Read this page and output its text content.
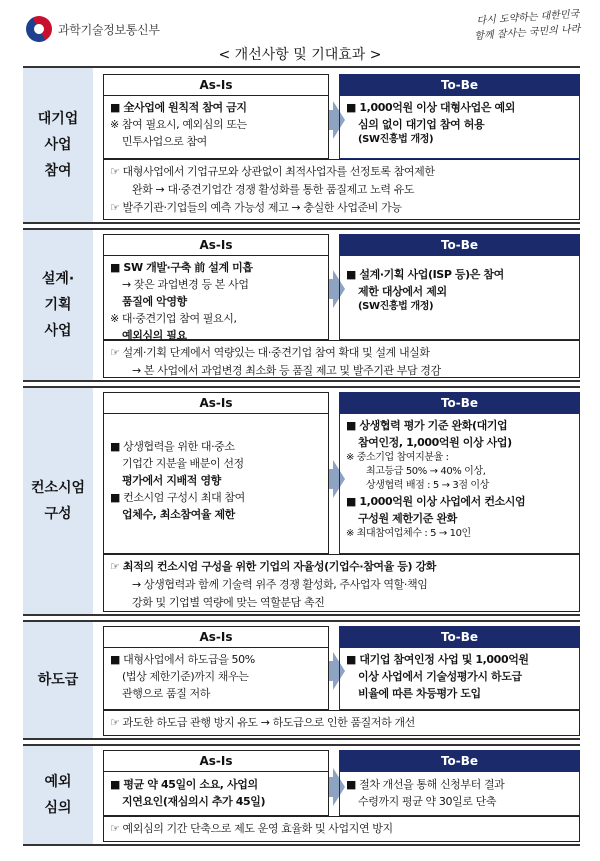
과학기술정보통신부
다시 도약하는 대한민국
함께 잘사는 국민의 나라
< 개선사항 및 기대효과 >
대기업
사업
참여
As-Is

■ 全사업에 원칙적 참여 금지

※ 참여 필요시, 예외심의 또는

민투사업으로 참여

To-Be

■ 1,000억원 이상 대형사업은 예외

심의 없이 대기업 참여 허용

(SW진흥법 개정)

☞ 대형사업에서 기업규모와 상관없이 최적사업자를 선정토록 참여제한
완화 → 대·중견기업간 경쟁 활성화를 통한 품질제고 노력 유도
☞ 발주기관·기업들의 예측 가능성 제고 → 충실한 사업준비 가능
설계·
기획
사업
As-Is

■ SW 개발·구축 前 설계 미흡

→ 잦은 과업변경 등 본 사업

품질에 악영향

※ 대·중견기업 참여 필요시,

예외심의 필요

To-Be

■ 설계·기획 사업(ISP 등)은 참여

제한 대상에서 제외

(SW진흥법 개정)

☞ 설계·기획 단계에서 역량있는 대·중견기업 참여 확대 및 설계 내실화
→ 본 사업에서 과업변경 최소화 등 품질 제고 및 발주기관 부담 경감
컨소시엄
구성
As-Is

■ 상생협력을 위한 대·중소

기업간 지분율 배분이 선정

평가에서 지배적 영향

■ 컨소시엄 구성시 최대 참여

업체수, 최소참여율 제한

To-Be

■ 상생협력 평가 기준 완화(대기업

참여인정, 1,000억원 이상 사업)

※ 중소기업 참여지분율 :

최고등급 50% → 40% 이상,

상생협력 배점 : 5 → 3점 이상

■ 1,000억원 이상 사업에서 컨소시엄

구성원 제한기준 완화

※ 최대참여업체수 : 5 → 10인

☞ 최적의 컨소시엄 구성을 위한 기업의 자율성(기업수·참여율 등) 강화
→ 상생협력과 함께 기술력 위주 경쟁 활성화, 주사업자 역할·책임
강화 및 기업별 역량에 맞는 역할분담 촉진
하도급
As-Is

■ 대형사업에서 하도급을 50%

(법상 제한기준)까지 채우는

관행으로 품질 저하

To-Be

■ 대기업 참여인정 사업 및 1,000억원

이상 사업에서 기술성평가시 하도급

비율에 따른 차등평가 도입

☞ 과도한 하도급 관행 방지 유도 → 하도급으로 인한 품질저하 개선
예외
심의
As-Is

■ 평균 약 45일이 소요, 사업의

지연요인(재심의시 추가 45일)

To-Be

■ 절차 개선을 통해 신청부터 결과

수령까지 평균 약 30일로 단축

☞ 예외심의 기간 단축으로 제도 운영 효율화 및 사업지연 방지
